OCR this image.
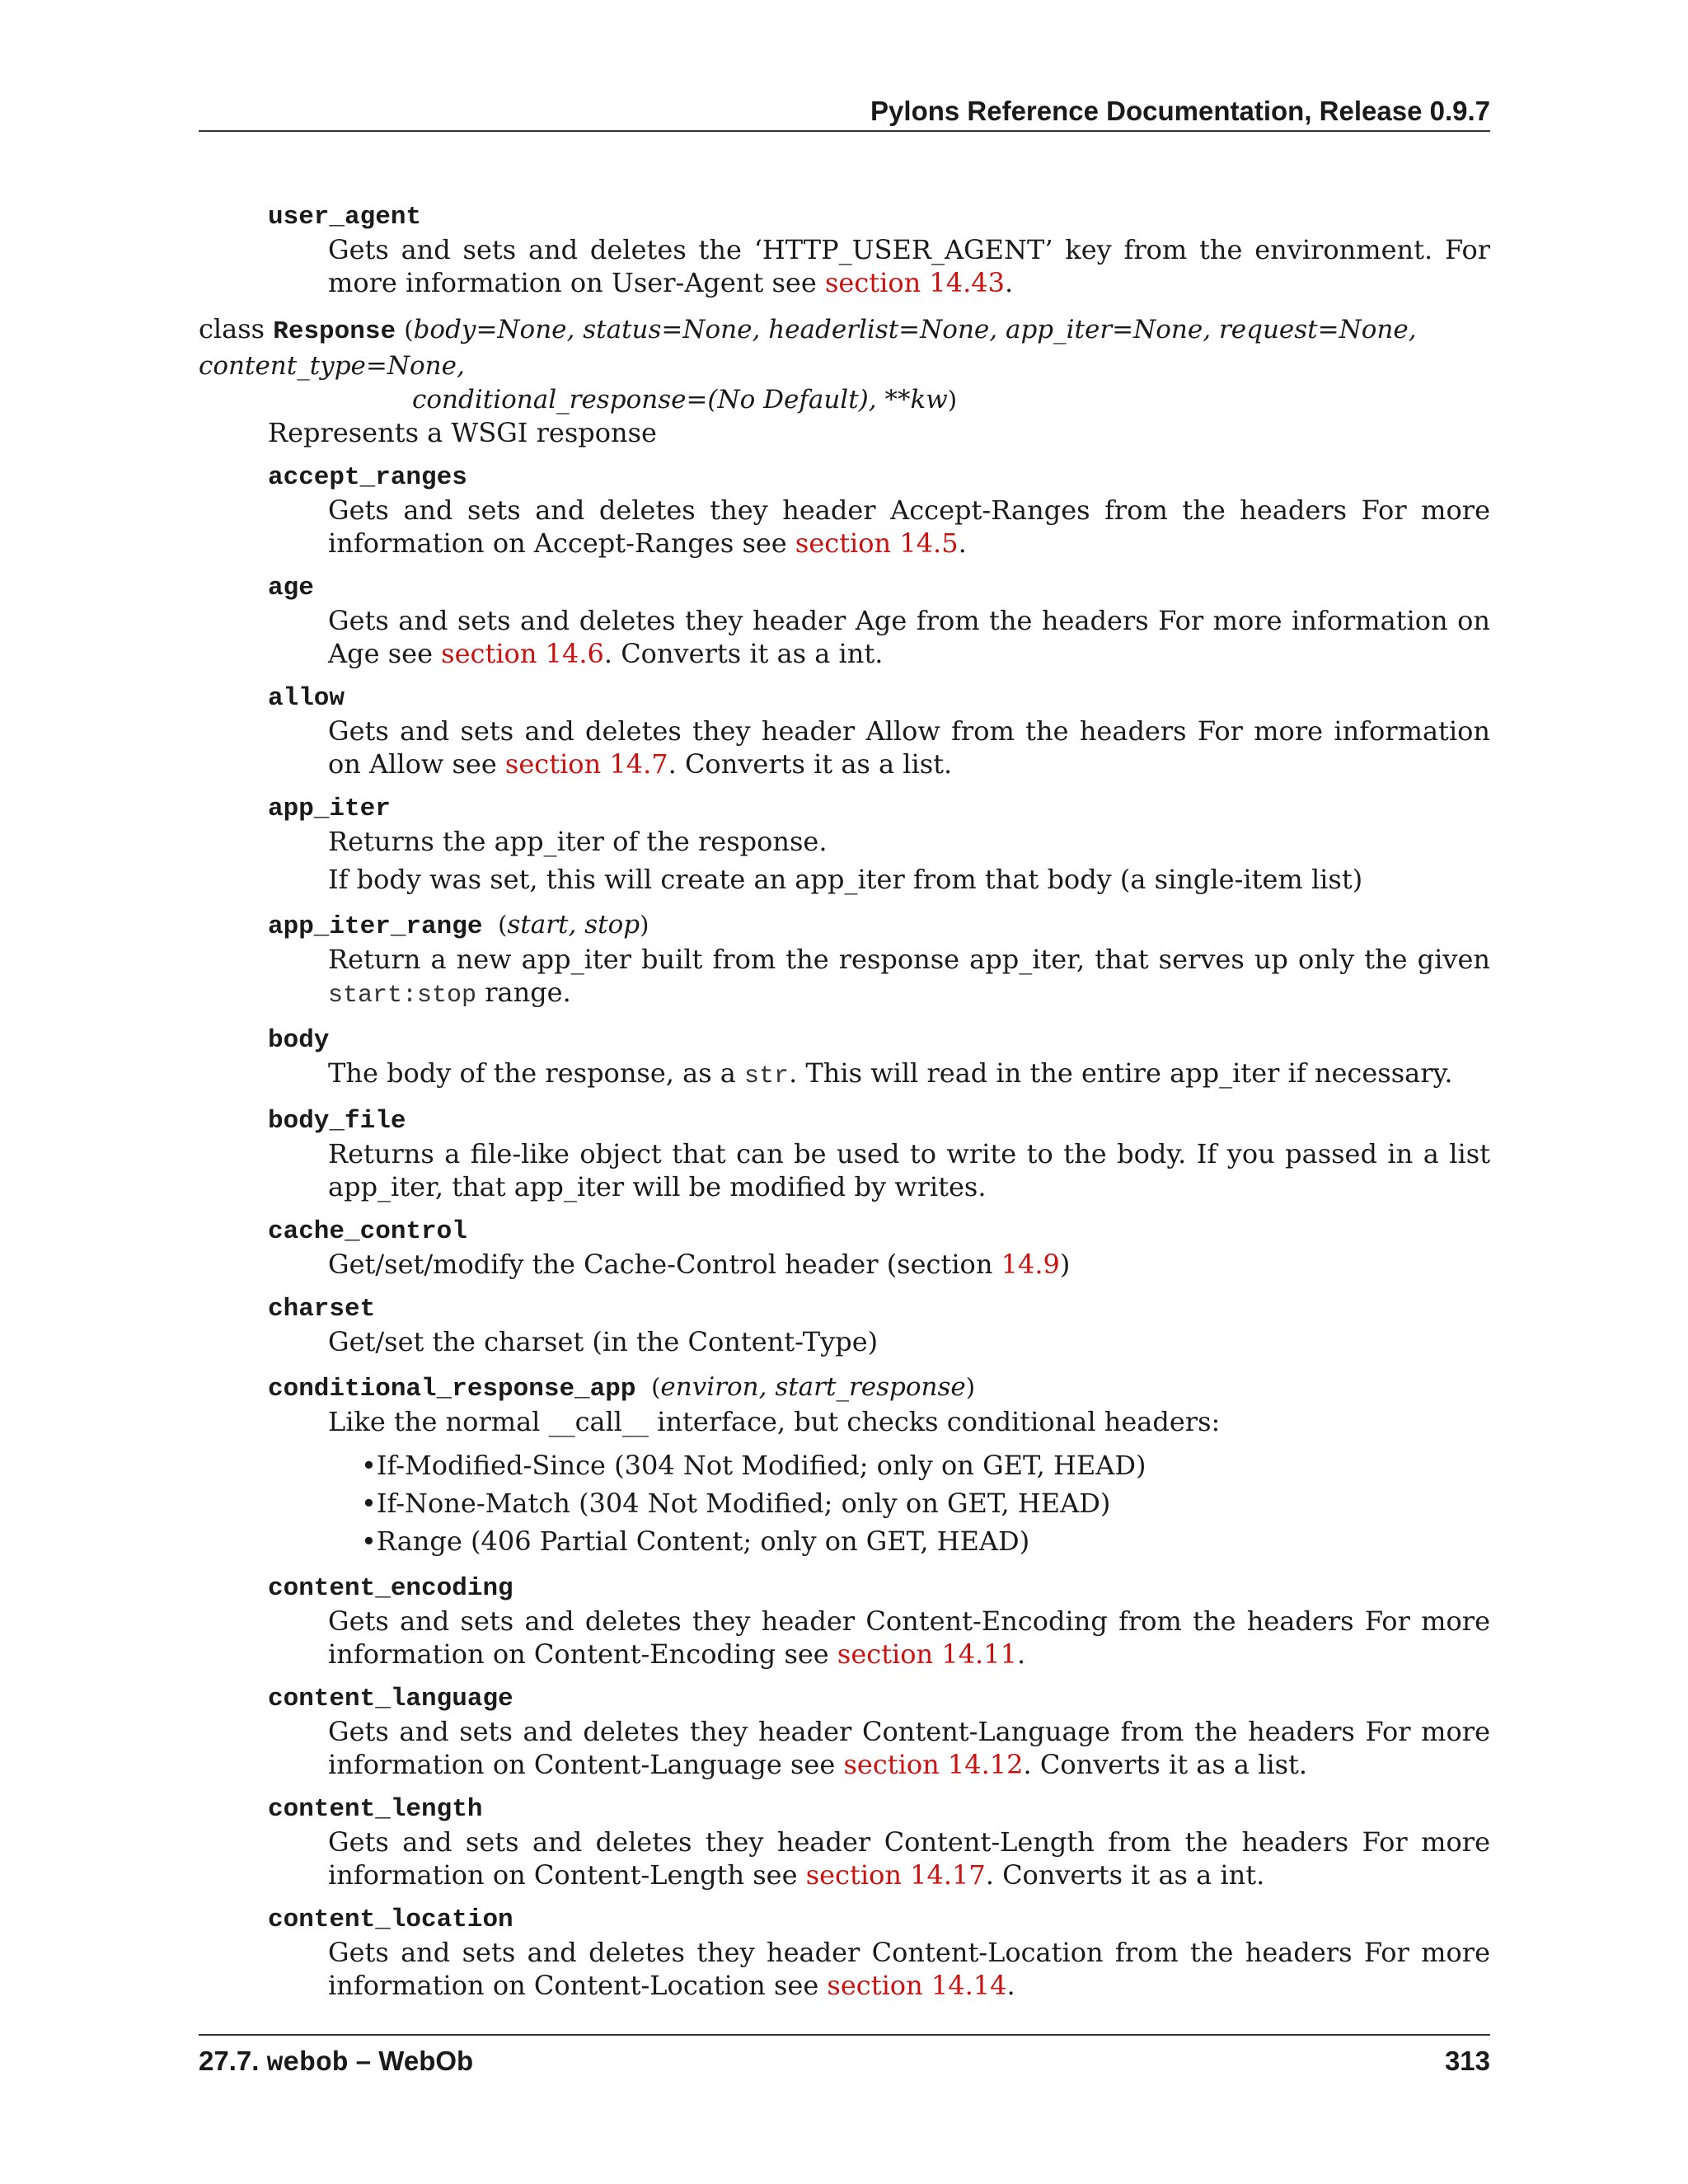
Pylons Reference Documentation, Release 0.9.7
user_agent
Gets and sets and deletes the ‘HTTP_USER_AGENT’ key from the environment. For more information on User-Agent see section 14.43.
class Response (body=None, status=None, headerlist=None, app_iter=None, request=None, content_type=None,
conditional_response=(No Default), **kw)
Represents a WSGI response
accept_ranges
Gets and sets and deletes they header Accept-Ranges from the headers For more information on Accept-Ranges see section 14.5.
age
Gets and sets and deletes they header Age from the headers For more information on Age see section 14.6. Converts it as a int.
allow
Gets and sets and deletes they header Allow from the headers For more information on Allow see section 14.7. Converts it as a list.
app_iter
Returns the app_iter of the response.
If body was set, this will create an app_iter from that body (a single-item list)
app_iter_range (start, stop)
Return a new app_iter built from the response app_iter, that serves up only the given start:stop range.
body
The body of the response, as a str. This will read in the entire app_iter if necessary.
body_file
Returns a file-like object that can be used to write to the body. If you passed in a list app_iter, that app_iter will be modified by writes.
cache_control
Get/set/modify the Cache-Control header (section 14.9)
charset
Get/set the charset (in the Content-Type)
conditional_response_app (environ, start_response)
Like the normal __call__ interface, but checks conditional headers:
•If-Modified-Since (304 Not Modified; only on GET, HEAD)
•If-None-Match (304 Not Modified; only on GET, HEAD)
•Range (406 Partial Content; only on GET, HEAD)
content_encoding
Gets and sets and deletes they header Content-Encoding from the headers For more information on Content-Encoding see section 14.11.
content_language
Gets and sets and deletes they header Content-Language from the headers For more information on Content-Language see section 14.12. Converts it as a list.
content_length
Gets and sets and deletes they header Content-Length from the headers For more information on Content-Length see section 14.17. Converts it as a int.
content_location
Gets and sets and deletes they header Content-Location from the headers For more information on Content-Location see section 14.14.
27.7. webob – WebOb	313
